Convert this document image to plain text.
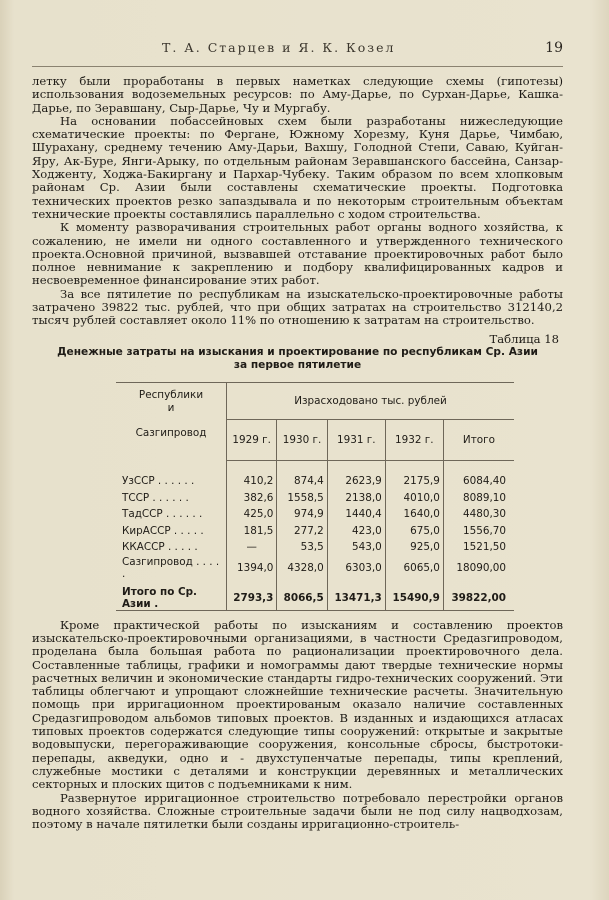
Т. А. Старцев и Я. К. Козел	19

летку были проработаны в первых наметках следующие схемы (гипотезы) использования водоземельных ресурсов: по Аму-Дарье, по Сурхан-Дарье, Кашка-Дарье, по Зеравшану, Сыр-Дарье, Чу и Мургабу.

На основании побассейновых схем были разработаны нижеследующие схематические проекты: по Фергане, Южному Хорезму, Куня Дарье, Чимбаю, Шурахану, среднему течению Аму-Дарьи, Вахшу, Голодной Степи, Саваю, Куйган-Яру, Ак-Буре, Янги-Арыку, по отдельным районам Зеравшанского бассейна, Санзар-Ходженту, Ходжа-Бакиргану и Пархар-Чубеку. Таким образом по всем хлопковым районам Ср. Азии были составлены схематические проекты. Подготовка технических проектов резко запаздывала и по некоторым строительным объектам технические проекты составлялись параллельно с ходом строительства.

К моменту разворачивания строительных работ органы водного хозяйства, к сожалению, не имели ни одного составленного и утвержденного технического проекта.Основной причиной, вызвавшей отставание проектировочных работ было полное невнимание к закреплению и подбору квалифицированных кадров и несвоевременное финансирование этих работ.

За все пятилетие по республикам на изыскательско-проектировочные работы затрачено 39822 тыс. рублей, что при общих затратах на строительство 312140,2 тысяч рублей составляет около 11% по отношению к затратам на строительство.

Таблица 18
Денежные затраты на изыскания и проектирование по республикам Ср. Азии
за первое пятилетие
Республики
и
Сазгипровод	Израсходовано тыс. рублей				
	1929 г.	1930 г.	1931 г.	1932 г.	Итого
УзССР . . . . . .	410,2	874,4	2623,9	2175,9	6084,40
ТССР . . . . . .	382,6	1558,5	2138,0	4010,0	8089,10
ТадССР . . . . . .	425,0	974,9	1440,4	1640,0	4480,30
КирАССР . . . . .	181,5	277,2	423,0	675,0	1556,70
ККАССР . . . . .	—	53,5	543,0	925,0	1521,50
Сазгипровод . . . . .	1394,0	4328,0	6303,0	6065,0	18090,00
Итого по Ср. Азии .	2793,3	8066,5	13471,3	15490,9	39822,00

Кроме практической работы по изысканиям и составлению проектов изыскательско-проектировочными организациями, в частности Средазгипроводом, проделана была большая работа по рационализации проектировочного дела. Составленные таблицы, графики и номограммы дают твердые технические нормы расчетных величин и экономические стандарты гидро-технических сооружений. Эти таблицы облегчают и упрощают сложнейшие технические расчеты. Значительную помощь при ирригационном проектированым оказало наличие составленных Средазгипроводом альбомов типовых проектов. В изданных и издающихся атласах типовых проектов содержатся следующие типы сооружений: открытые и закрытые водовыпуски, перегораживающие сооружения, консольные сбросы, быстротоки-перепады, акведуки, одно и - двухступенчатые перепады, типы креплений, служебные мостики с деталями и конструкции деревянных и металлических секторных и плоских щитов с подъемниками к ним.

Развернутое ирригационное строительство потребовало перестройки органов водного хозяйства. Сложные строительные задачи были не под силу нацводхозам, поэтому в начале пятилетки были созданы ирригационно-строитель-
